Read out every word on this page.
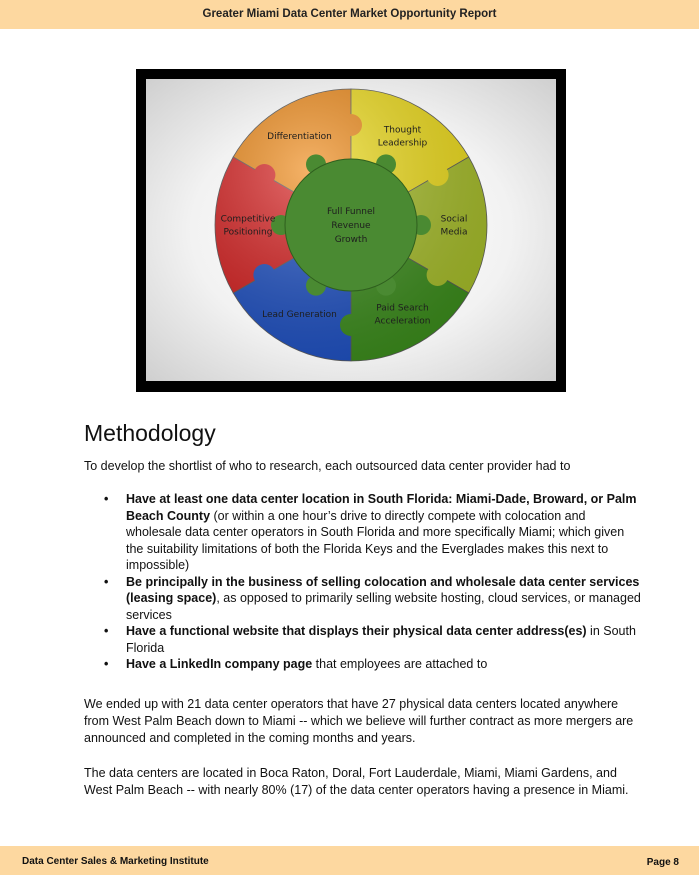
Greater Miami Data Center Market Opportunity Report
Differentiation
Thought Leadership
Social Media
Paid Search Acceleration
Lead Generation
Competitive Positioning
Full Funnel Revenue Growth
Methodology
To develop the shortlist of who to research, each outsourced data center provider had to
• Have at least one data center location in South Florida: Miami-Dade, Broward, or Palm Beach County (or within a one hour’s drive to directly compete with colocation and wholesale data center operators in South Florida and more specifically Miami; which given the suitability limitations of both the Florida Keys and the Everglades makes this next to impossible)
• Be principally in the business of selling colocation and wholesale data center services (leasing space), as opposed to primarily selling website hosting, cloud services, or managed services
• Have a functional website that displays their physical data center address(es) in South Florida
• Have a LinkedIn company page that employees are attached to
We ended up with 21 data center operators that have 27 physical data centers located anywhere from West Palm Beach down to Miami -- which we believe will further contract as more mergers are announced and completed in the coming months and years.
The data centers are located in Boca Raton, Doral, Fort Lauderdale, Miami, Miami Gardens, and West Palm Beach -- with nearly 80% (17) of the data center operators having a presence in Miami.
Data Center Sales & Marketing Institute	Page 8
